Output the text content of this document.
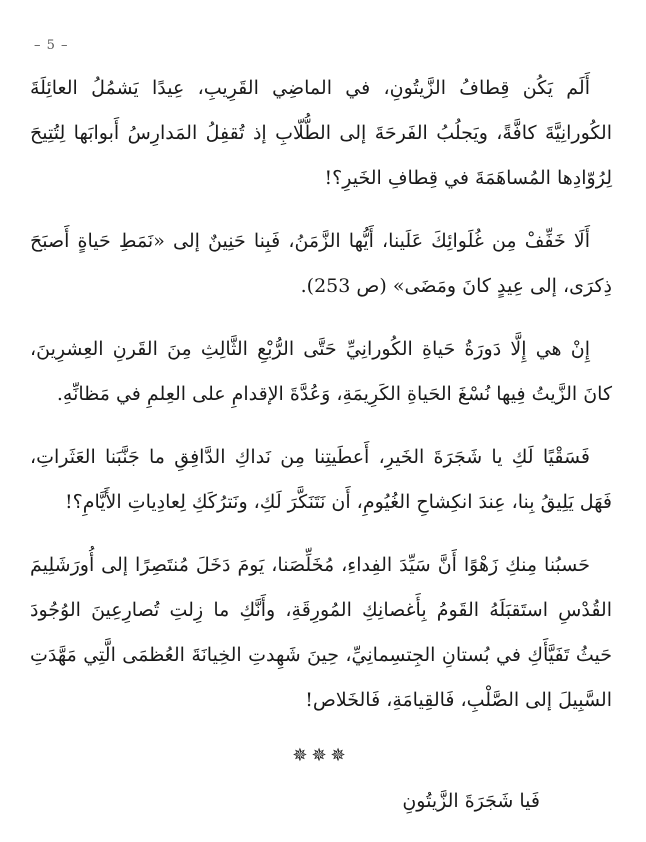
– 5 –

أَلَم يَكُن قِطافُ الزَّيتُونِ، في الماضِي القَرِيبِ، عِيدًا يَشمُلُ العائِلَةَ الكُورانِيَّةَ كافَّةً، ويَجلُبُ الفَرحَةَ إلى الطُّلّابِ إذ تُقفِلُ المَدارِسُ أَبوابَها لِتُتِيحَ لِرُوّادِها المُساهَمَةَ في قِطافِ الخَيرِ؟!

أَلَا خَفِّفْ مِن غُلَوائِكَ عَلَينا، أَيُّها الزَّمَنُ، فَبِنا حَنِينٌ إلى «نَمَطِ حَياةٍ أَصبَحَ ذِكرَى، إلى عِيدٍ كانَ ومَضَى» (ص 253).

إِنْ هي إِلَّا دَورَةُ حَياةِ الكُورانِيِّ حَتَّى الرُّبْعِ الثَّالِثِ مِنَ القَرنِ العِشرِينَ، كانَ الزَّيتُ فِيها نُسْغَ الحَياةِ الكَرِيمَةِ، وَعُدَّةَ الإقدامِ على العِلمِ في مَظانِّهِ.

فَسَقْيًا لَكِ يا شَجَرَةَ الخَيرِ، أَعطَيتِنا مِن نَداكِ الدَّافِقِ ما جَنَّبَنا العَثَراتِ، فَهَل يَلِيقُ بِنا، عِندَ انكِشاحِ الغُيُومِ، أَن نَتَنَكَّرَ لَكِ، ونَترُكَكِ لِعادِياتِ الأَيَّامِ؟!

حَسبُنا مِنكِ زَهْوًا أَنَّ سَيِّدَ الفِداءِ، مُخَلِّصَنا، يَومَ دَخَلَ مُنتَصِرًا إلى أُورَشَلِيمَ القُدْسِ استَقبَلَهُ القَومُ بِأَغصانِكِ المُورِقَةِ، وأَنَّكِ ما زِلتِ تُصارِعِينَ الوُجُودَ حَيثُ تَفَيَّأَكِ في بُستانِ الجِتسِمانِيِّ، حِينَ شَهِدتِ الخِيانَةَ العُظمَى الَّتِي مَهَّدَتِ السَّبِيلَ إلى الصَّلْبِ، فَالقِيامَةِ، فَالخَلاص!

✵✵✵

فَيا شَجَرَةَ الزَّيتُونِ
